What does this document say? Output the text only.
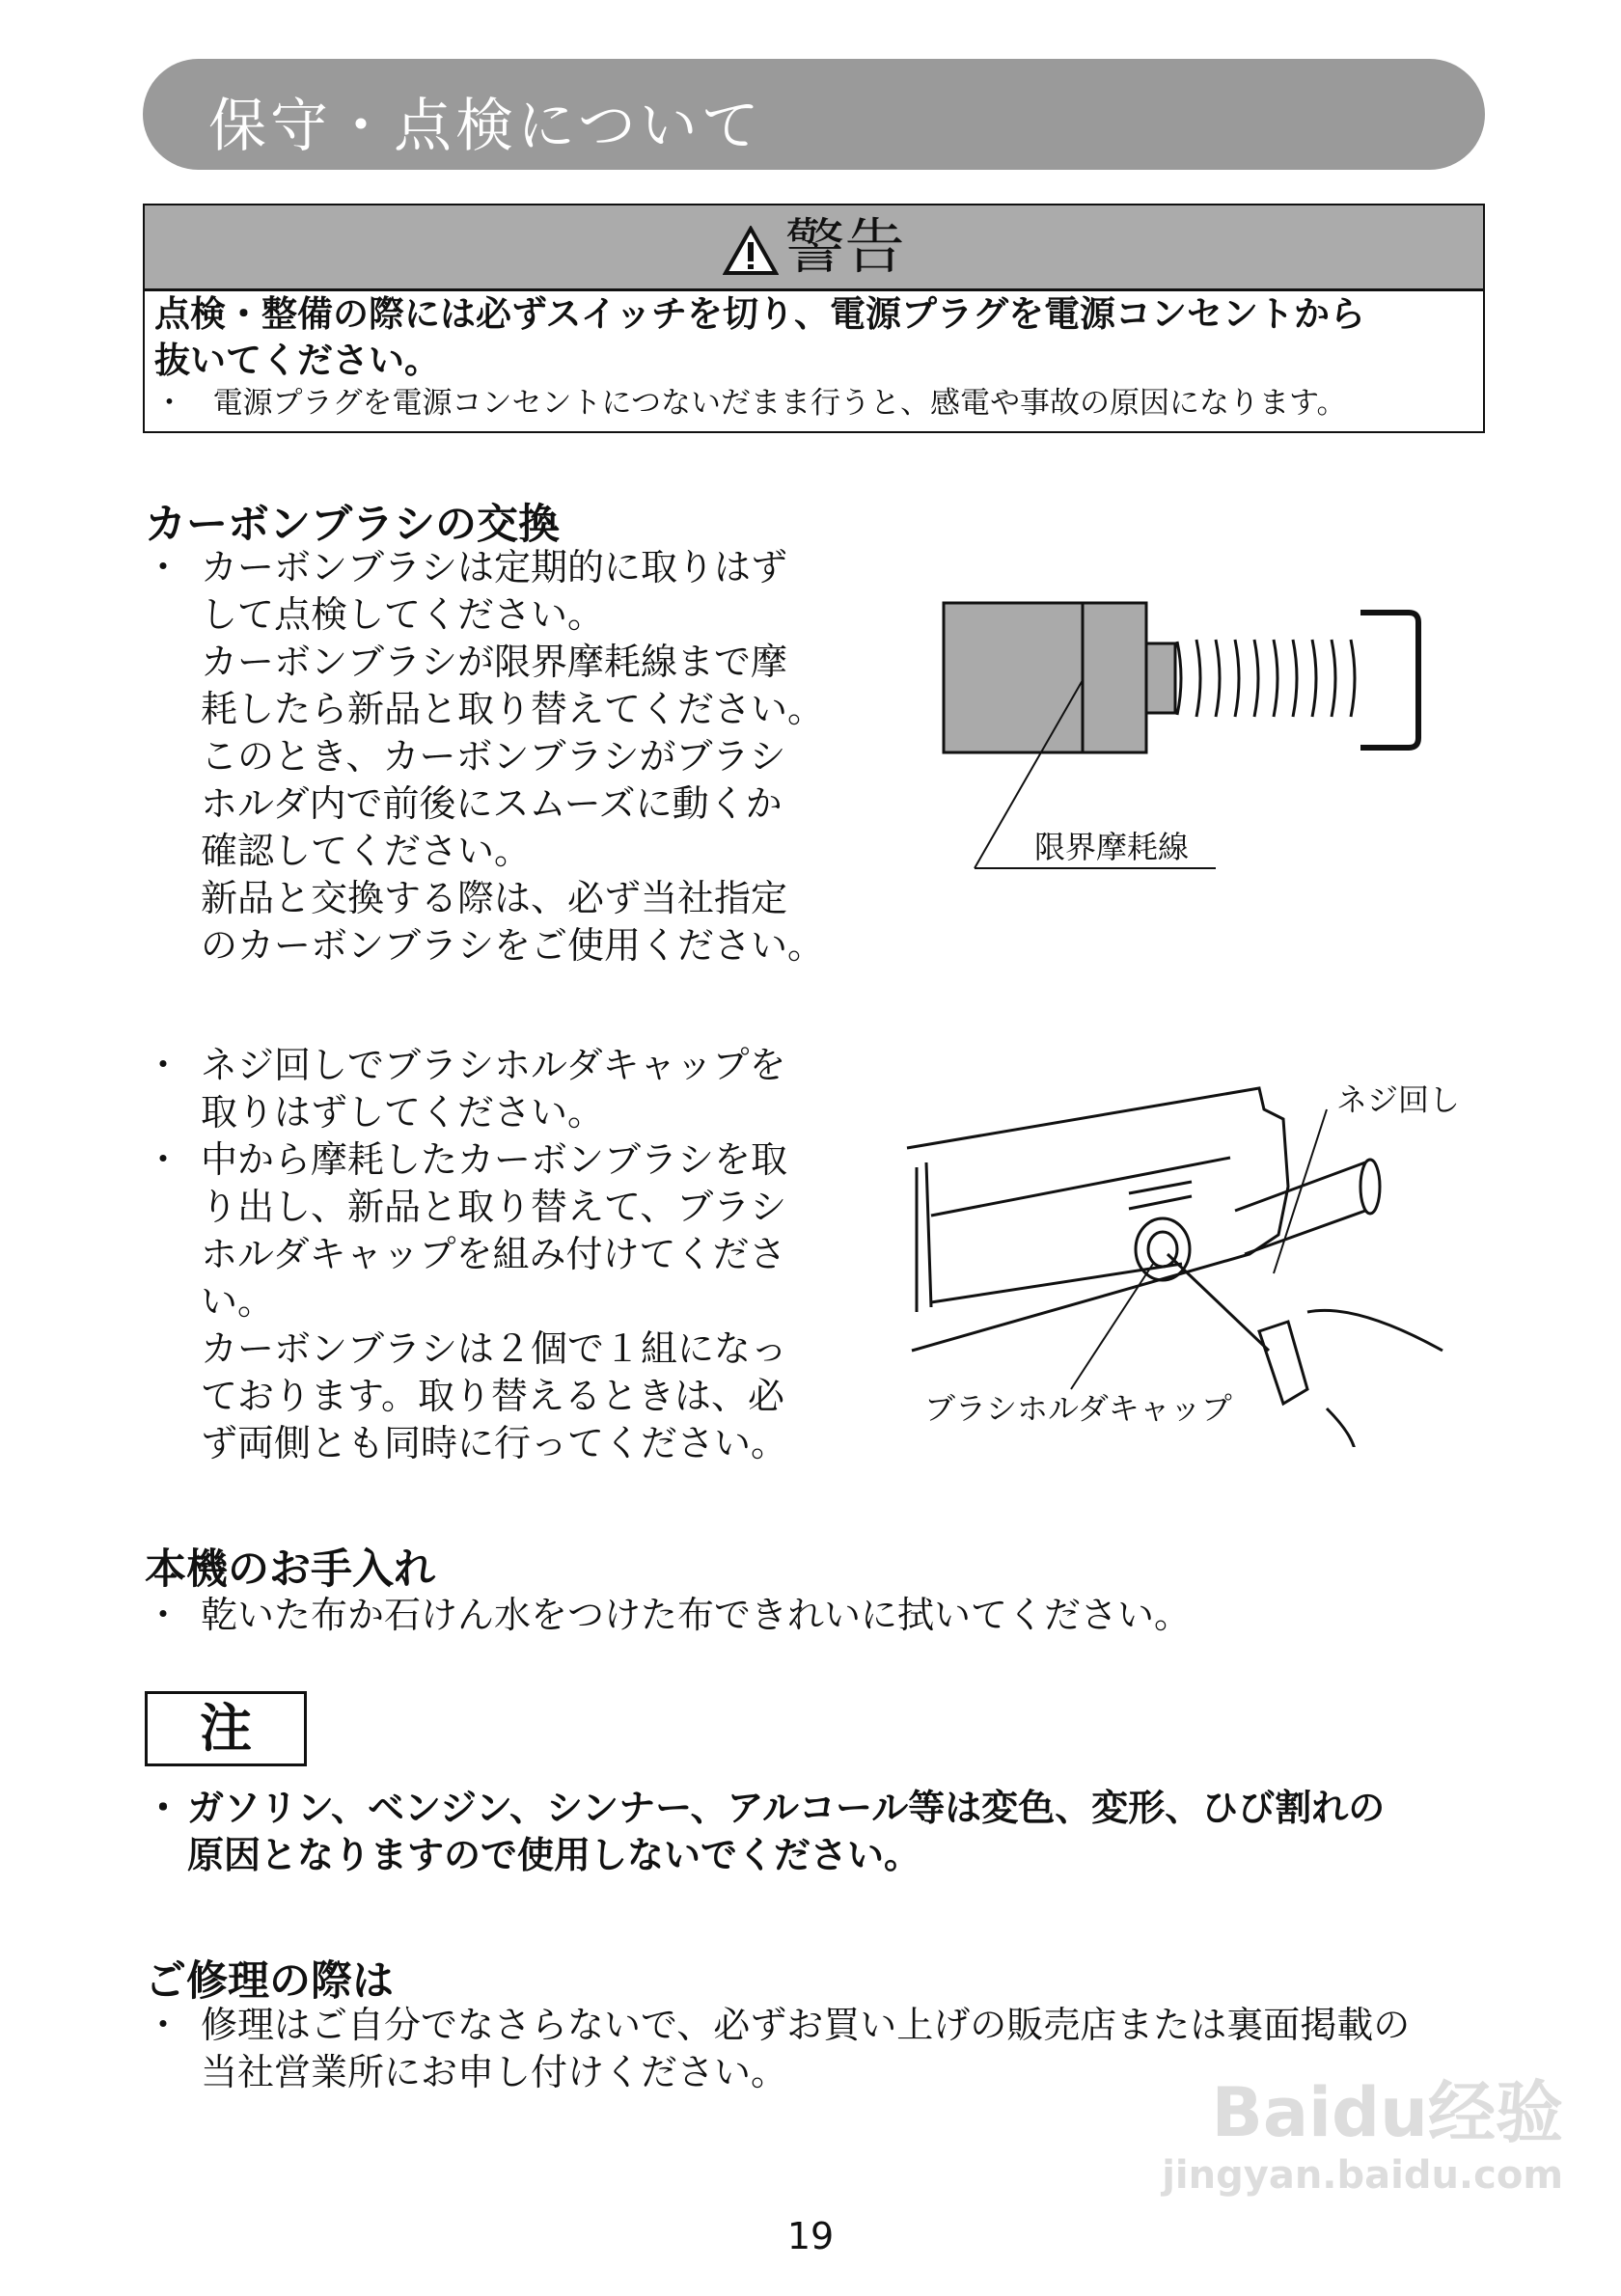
保守・点検について
警告
点検・整備の際には必ずスイッチを切り、電源プラグを電源コンセントから
抜いてください。
・ 電源プラグを電源コンセントにつないだまま行うと、感電や事故の原因になります。
カーボンブラシの交換
・ カーボンブラシは定期的に取りはず
して点検してください。
カーボンブラシが限界摩耗線まで摩
耗したら新品と取り替えてください。
このとき、カーボンブラシがブラシ
ホルダ内で前後にスムーズに動くか
確認してください。
新品と交換する際は、必ず当社指定
のカーボンブラシをご使用ください。
限界摩耗線
・ ネジ回しでブラシホルダキャップを
取りはずしてください。
・ 中から摩耗したカーボンブラシを取
り出し、新品と取り替えて、ブラシ
ホルダキャップを組み付けてくださ
い。
カーボンブラシは２個で１組になっ
ております。取り替えるときは、必
ず両側とも同時に行ってください。
ネジ回し
ブラシホルダキャップ
本機のお手入れ
・ 乾いた布か石けん水をつけた布できれいに拭いてください。
注
・ ガソリン、ベンジン、シンナー、アルコール等は変色、変形、ひび割れの
原因となりますので使用しないでください。
ご修理の際は
・ 修理はご自分でなさらないで、必ずお買い上げの販売店または裏面掲載の
当社営業所にお申し付けください。
Baidu经验
jingyan.baidu.com
19
